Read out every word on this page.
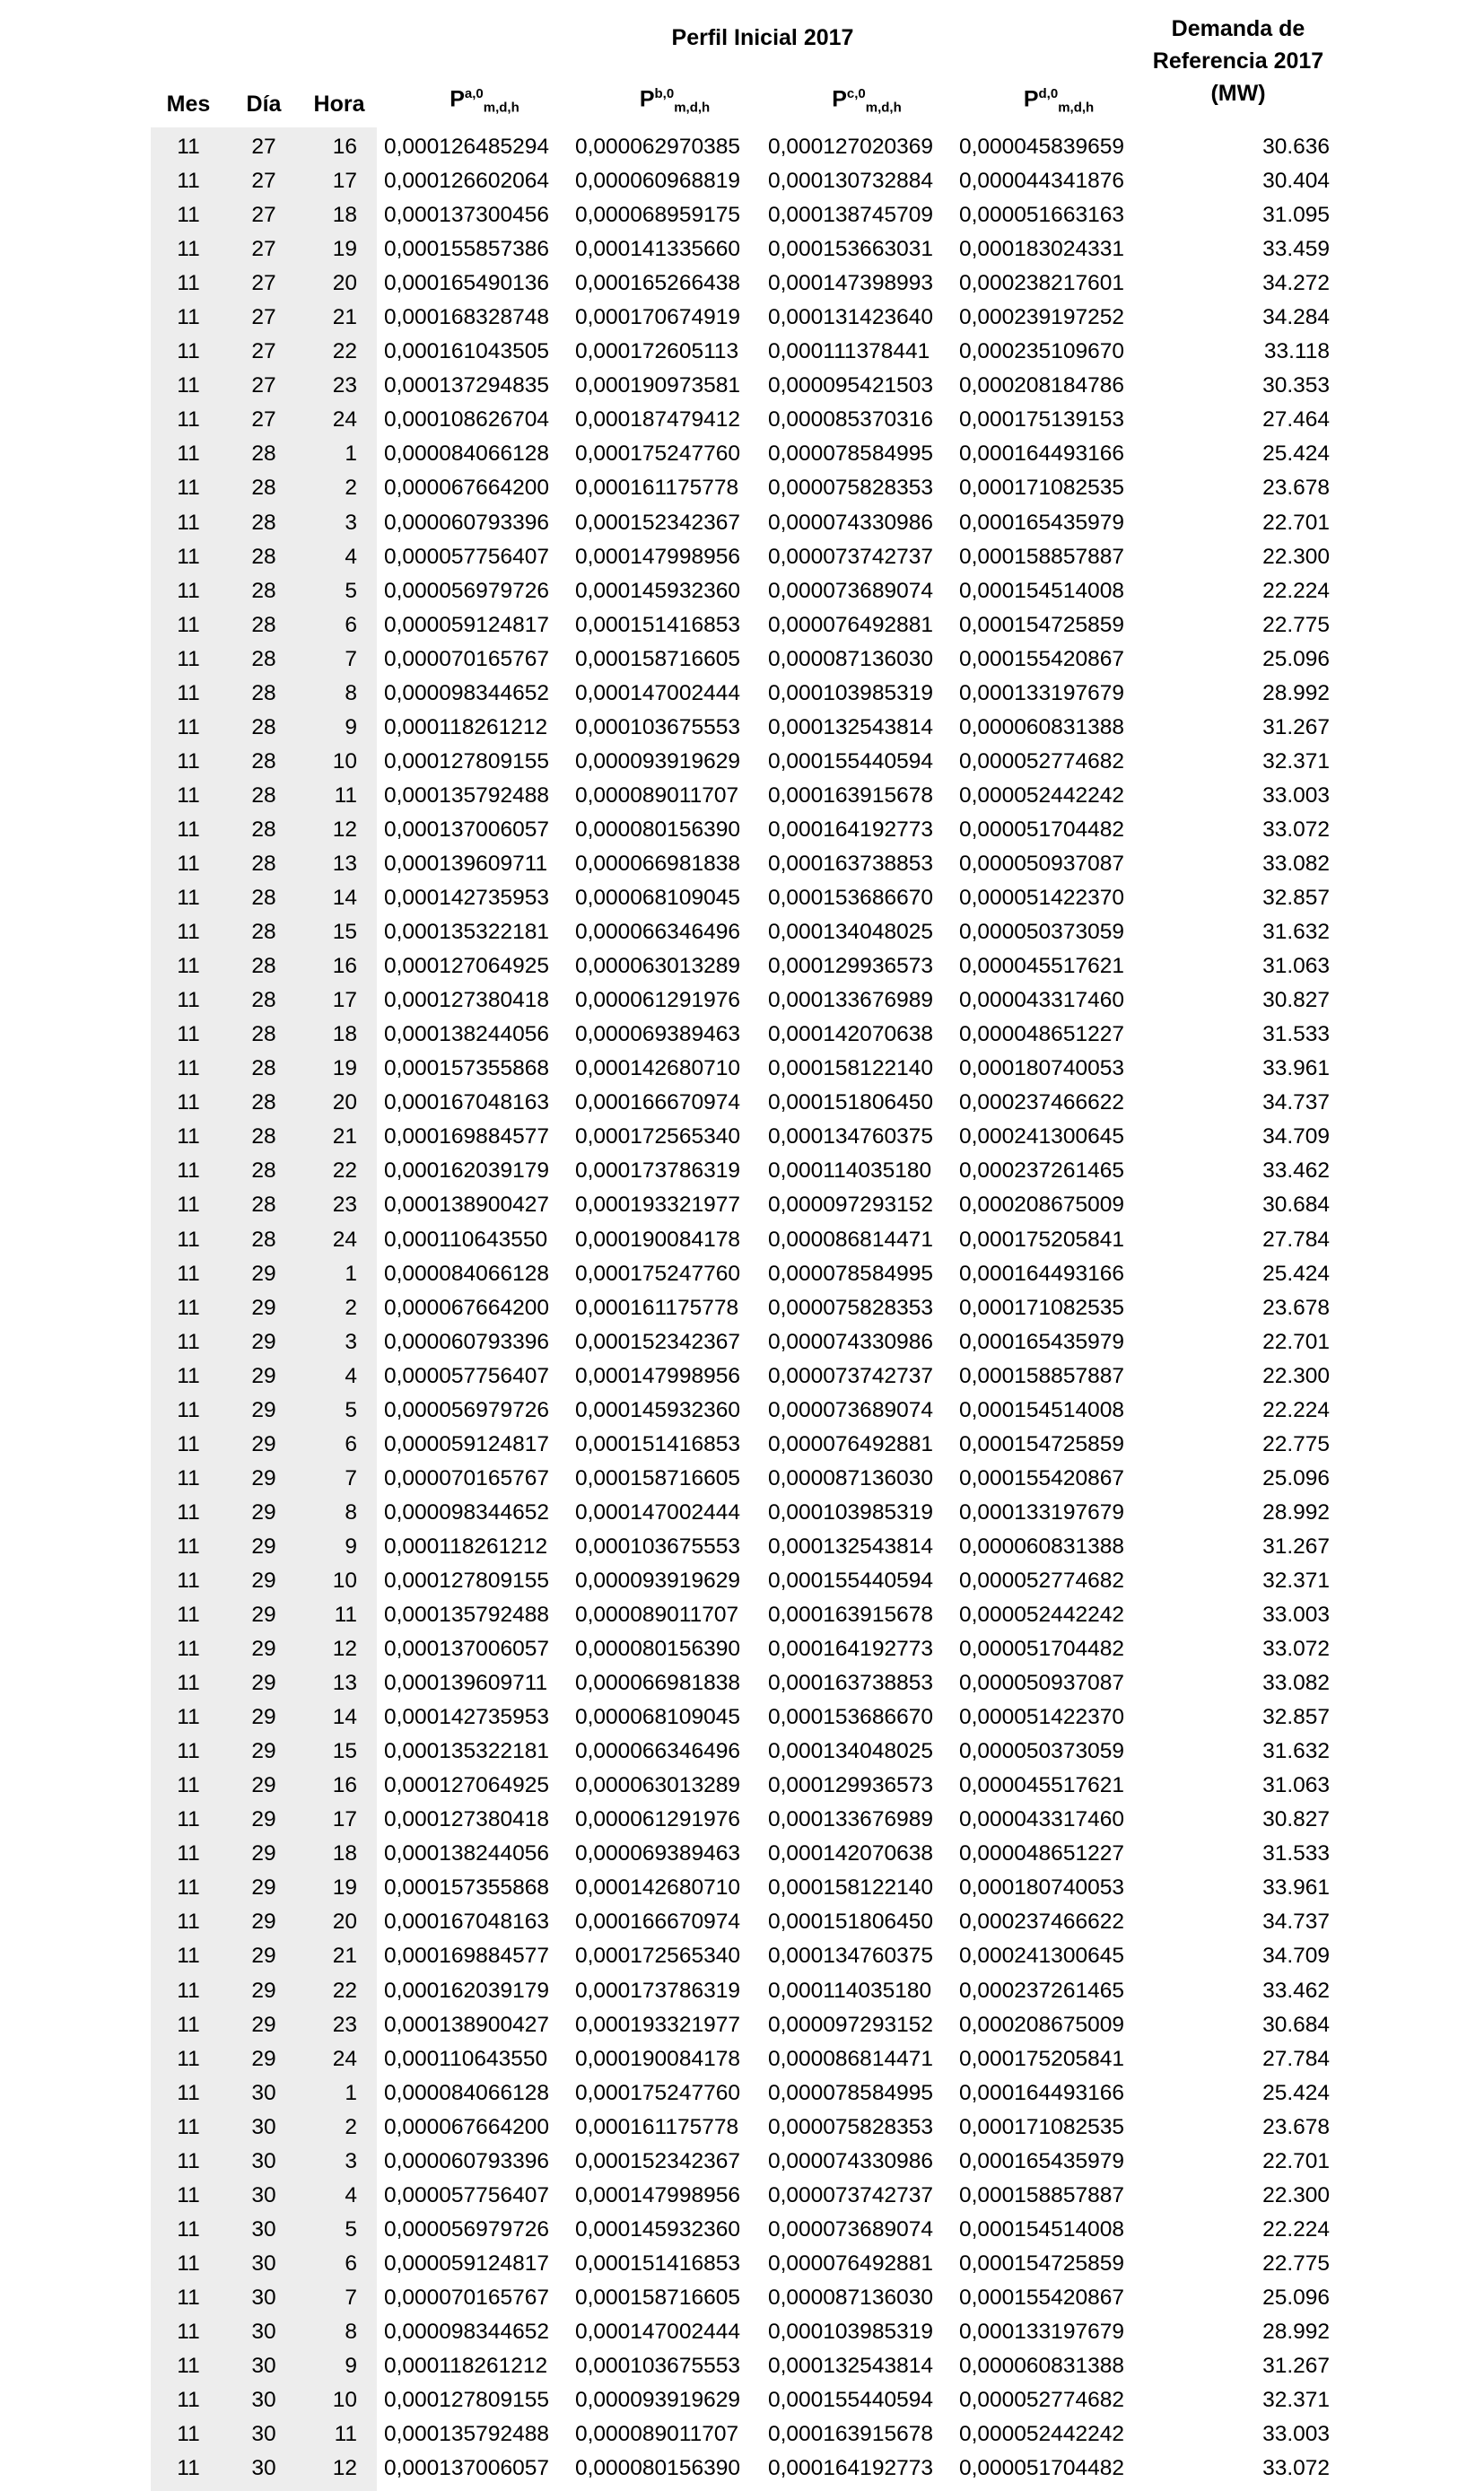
Perfil Inicial 2017	Demanda de
Referencia 2017
(MW)
Mes	Día	Hora	P$^{a,0}_{m,d,h}$	P$^{b,0}_{m,d,h}$	P$^{c,0}_{m,d,h}$	P$^{d,0}_{m,d,h}$
11	27	16 0,000126485294 0,000062970385 0,000127020369 0,000045839659	30.636
11	27	17 0,000126602064 0,000060968819 0,000130732884 0,000044341876	30.404
11	27	18 0,000137300456 0,000068959175 0,000138745709 0,000051663163	31.095
11	27	19 0,000155857386 0,000141335660 0,000153663031 0,000183024331	33.459
11	27	20 0,000165490136 0,000165266438 0,000147398993 0,000238217601	34.272
11	27	21 0,000168328748 0,000170674919 0,000131423640 0,000239197252	34.284
11	27	22 0,000161043505 0,000172605113 0,000111378441 0,000235109670	33.118
11	27	23 0,000137294835 0,000190973581 0,000095421503 0,000208184786	30.353
11	27	24 0,000108626704 0,000187479412 0,000085370316 0,000175139153	27.464
11	28	1 0,000084066128 0,000175247760 0,000078584995 0,000164493166	25.424
11	28	2 0,000067664200 0,000161175778 0,000075828353 0,000171082535	23.678
11	28	3 0,000060793396 0,000152342367 0,000074330986 0,000165435979	22.701
11	28	4 0,000057756407 0,000147998956 0,000073742737 0,000158857887	22.300
11	28	5 0,000056979726 0,000145932360 0,000073689074 0,000154514008	22.224
11	28	6 0,000059124817 0,000151416853 0,000076492881 0,000154725859	22.775
11	28	7 0,000070165767 0,000158716605 0,000087136030 0,000155420867	25.096
11	28	8 0,000098344652 0,000147002444 0,000103985319 0,000133197679	28.992
11	28	9 0,000118261212 0,000103675553 0,000132543814 0,000060831388	31.267
11	28	10 0,000127809155 0,000093919629 0,000155440594 0,000052774682	32.371
11	28	11 0,000135792488 0,000089011707 0,000163915678 0,000052442242	33.003
11	28	12 0,000137006057 0,000080156390 0,000164192773 0,000051704482	33.072
11	28	13 0,000139609711 0,000066981838 0,000163738853 0,000050937087	33.082
11	28	14 0,000142735953 0,000068109045 0,000153686670 0,000051422370	32.857
11	28	15 0,000135322181 0,000066346496 0,000134048025 0,000050373059	31.632
11	28	16 0,000127064925 0,000063013289 0,000129936573 0,000045517621	31.063
11	28	17 0,000127380418 0,000061291976 0,000133676989 0,000043317460	30.827
11	28	18 0,000138244056 0,000069389463 0,000142070638 0,000048651227	31.533
11	28	19 0,000157355868 0,000142680710 0,000158122140 0,000180740053	33.961
11	28	20 0,000167048163 0,000166670974 0,000151806450 0,000237466622	34.737
11	28	21 0,000169884577 0,000172565340 0,000134760375 0,000241300645	34.709
11	28	22 0,000162039179 0,000173786319 0,000114035180 0,000237261465	33.462
11	28	23 0,000138900427 0,000193321977 0,000097293152 0,000208675009	30.684
11	28	24 0,000110643550 0,000190084178 0,000086814471 0,000175205841	27.784
11	29	1 0,000084066128 0,000175247760 0,000078584995 0,000164493166	25.424
11	29	2 0,000067664200 0,000161175778 0,000075828353 0,000171082535	23.678
11	29	3 0,000060793396 0,000152342367 0,000074330986 0,000165435979	22.701
11	29	4 0,000057756407 0,000147998956 0,000073742737 0,000158857887	22.300
11	29	5 0,000056979726 0,000145932360 0,000073689074 0,000154514008	22.224
11	29	6 0,000059124817 0,000151416853 0,000076492881 0,000154725859	22.775
11	29	7 0,000070165767 0,000158716605 0,000087136030 0,000155420867	25.096
11	29	8 0,000098344652 0,000147002444 0,000103985319 0,000133197679	28.992
11	29	9 0,000118261212 0,000103675553 0,000132543814 0,000060831388	31.267
11	29	10 0,000127809155 0,000093919629 0,000155440594 0,000052774682	32.371
11	29	11 0,000135792488 0,000089011707 0,000163915678 0,000052442242	33.003
11	29	12 0,000137006057 0,000080156390 0,000164192773 0,000051704482	33.072
11	29	13 0,000139609711 0,000066981838 0,000163738853 0,000050937087	33.082
11	29	14 0,000142735953 0,000068109045 0,000153686670 0,000051422370	32.857
11	29	15 0,000135322181 0,000066346496 0,000134048025 0,000050373059	31.632
11	29	16 0,000127064925 0,000063013289 0,000129936573 0,000045517621	31.063
11	29	17 0,000127380418 0,000061291976 0,000133676989 0,000043317460	30.827
11	29	18 0,000138244056 0,000069389463 0,000142070638 0,000048651227	31.533
11	29	19 0,000157355868 0,000142680710 0,000158122140 0,000180740053	33.961
11	29	20 0,000167048163 0,000166670974 0,000151806450 0,000237466622	34.737
11	29	21 0,000169884577 0,000172565340 0,000134760375 0,000241300645	34.709
11	29	22 0,000162039179 0,000173786319 0,000114035180 0,000237261465	33.462
11	29	23 0,000138900427 0,000193321977 0,000097293152 0,000208675009	30.684
11	29	24 0,000110643550 0,000190084178 0,000086814471 0,000175205841	27.784
11	30	1 0,000084066128 0,000175247760 0,000078584995 0,000164493166	25.424
11	30	2 0,000067664200 0,000161175778 0,000075828353 0,000171082535	23.678
11	30	3 0,000060793396 0,000152342367 0,000074330986 0,000165435979	22.701
11	30	4 0,000057756407 0,000147998956 0,000073742737 0,000158857887	22.300
11	30	5 0,000056979726 0,000145932360 0,000073689074 0,000154514008	22.224
11	30	6 0,000059124817 0,000151416853 0,000076492881 0,000154725859	22.775
11	30	7 0,000070165767 0,000158716605 0,000087136030 0,000155420867	25.096
11	30	8 0,000098344652 0,000147002444 0,000103985319 0,000133197679	28.992
11	30	9 0,000118261212 0,000103675553 0,000132543814 0,000060831388	31.267
11	30	10 0,000127809155 0,000093919629 0,000155440594 0,000052774682	32.371
11	30	11 0,000135792488 0,000089011707 0,000163915678 0,000052442242	33.003
11	30	12 0,000137006057 0,000080156390 0,000164192773 0,000051704482	33.072
